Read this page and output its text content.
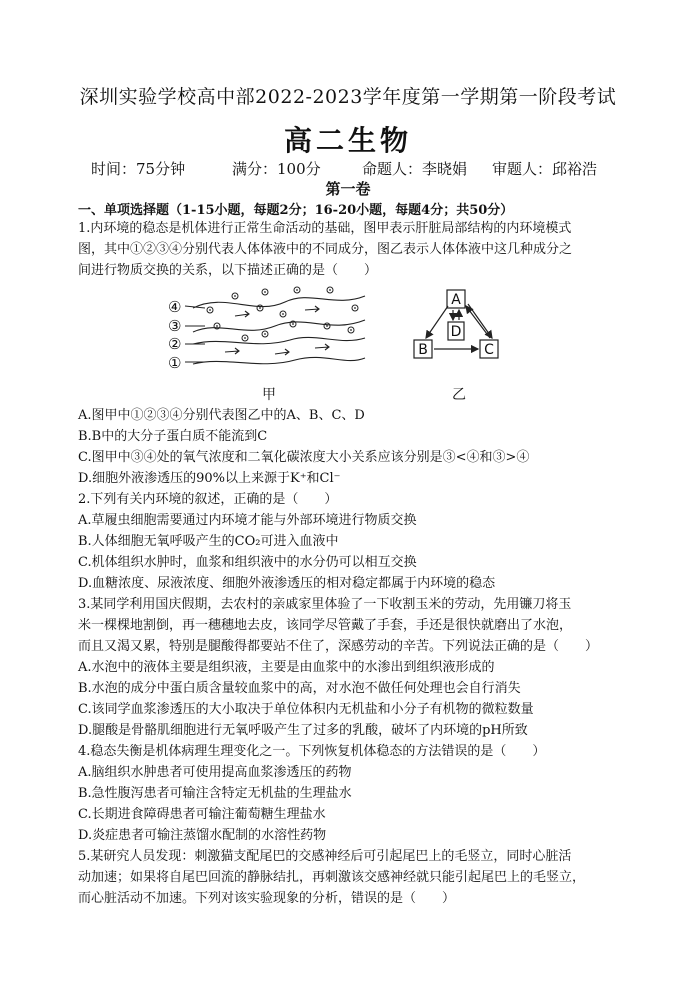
深圳实验学校高中部2022-2023学年度第一学期第一阶段考试
高二生物
时间：75分钟	满分：100分	命题人：李晓娟 审题人：邱裕浩
第一卷
一、单项选择题（1-15小题，每题2分；16-20小题，每题4分；共50分）
1.内环境的稳态是机体进行正常生命活动的基础，图甲表示肝脏局部结构的内环境模式
图，其中①②③④分别代表人体体液中的不同成分，图乙表示人体体液中这几种成分之
间进行物质交换的关系，以下描述正确的是（　　）
④
③
②
①
甲
A
D
B	C
乙
A.图甲中①②③④分别代表图乙中的A、B、C、D
B.B中的大分子蛋白质不能流到C
C.图甲中③④处的氧气浓度和二氧化碳浓度大小关系应该分别是③<④和③>④
D.细胞外液渗透压的90%以上来源于K⁺和Cl⁻
2.下列有关内环境的叙述，正确的是（　　）
A.草履虫细胞需要通过内环境才能与外部环境进行物质交换
B.人体细胞无氧呼吸产生的CO₂可进入血液中
C.机体组织水肿时，血浆和组织液中的水分仍可以相互交换
D.血糖浓度、尿液浓度、细胞外液渗透压的相对稳定都属于内环境的稳态
3.某同学利用国庆假期，去农村的亲戚家里体验了一下收割玉米的劳动，先用镰刀将玉
米一棵棵地割倒，再一穗穗地去皮，该同学尽管戴了手套，手还是很快就磨出了水泡，
而且又渴又累，特别是腿酸得都要站不住了，深感劳动的辛苦。下列说法正确的是（　　）
A.水泡中的液体主要是组织液，主要是由血浆中的水渗出到组织液形成的
B.水泡的成分中蛋白质含量较血浆中的高，对水泡不做任何处理也会自行消失
C.该同学血浆渗透压的大小取决于单位体积内无机盐和小分子有机物的微粒数量
D.腿酸是骨骼肌细胞进行无氧呼吸产生了过多的乳酸，破坏了内环境的pH所致
4.稳态失衡是机体病理生理变化之一。下列恢复机体稳态的方法错误的是（　　）
A.脑组织水肿患者可使用提高血浆渗透压的药物
B.急性腹泻患者可输注含特定无机盐的生理盐水
C.长期进食障碍患者可输注葡萄糖生理盐水
D.炎症患者可输注蒸馏水配制的水溶性药物
5.某研究人员发现：刺激猫支配尾巴的交感神经后可引起尾巴上的毛竖立，同时心脏活
动加速；如果将自尾巴回流的静脉结扎，再刺激该交感神经就只能引起尾巴上的毛竖立，
而心脏活动不加速。下列对该实验现象的分析，错误的是（　　）
